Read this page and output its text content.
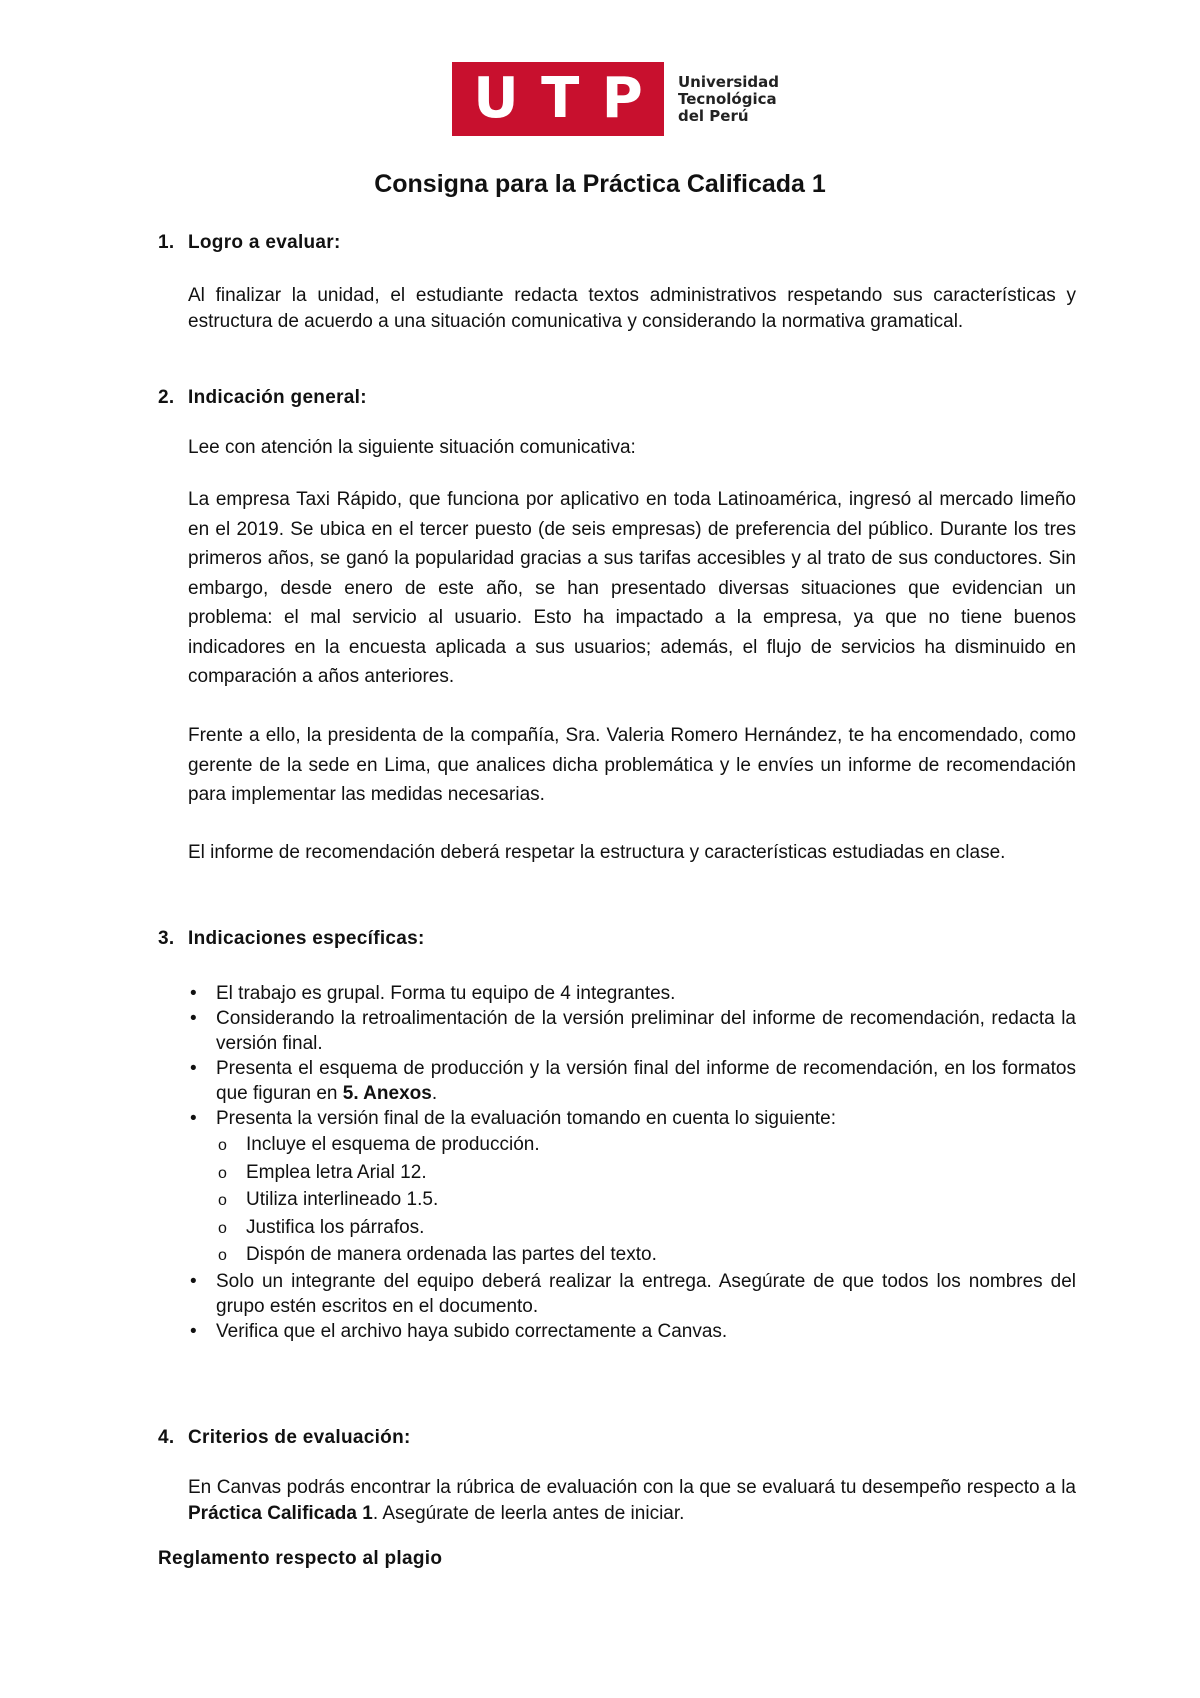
U T P Universidad
Tecnológica
del Perú
Consigna para la Práctica Calificada 1
1. Logro a evaluar:
Al finalizar la unidad, el estudiante redacta textos administrativos respetando sus características y estructura de acuerdo a una situación comunicativa y considerando la normativa gramatical.
2. Indicación general:
Lee con atención la siguiente situación comunicativa:
La empresa Taxi Rápido, que funciona por aplicativo en toda Latinoamérica, ingresó al mercado limeño en el 2019. Se ubica en el tercer puesto (de seis empresas) de preferencia del público. Durante los tres primeros años, se ganó la popularidad gracias a sus tarifas accesibles y al trato de sus conductores. Sin embargo, desde enero de este año, se han presentado diversas situaciones que evidencian un problema: el mal servicio al usuario. Esto ha impactado a la empresa, ya que no tiene buenos indicadores en la encuesta aplicada a sus usuarios; además, el flujo de servicios ha disminuido en comparación a años anteriores.
Frente a ello, la presidenta de la compañía, Sra. Valeria Romero Hernández, te ha encomendado, como gerente de la sede en Lima, que analices dicha problemática y le envíes un informe de recomendación para implementar las medidas necesarias.
El informe de recomendación deberá respetar la estructura y características estudiadas en clase.
3. Indicaciones específicas:
• El trabajo es grupal. Forma tu equipo de 4 integrantes.
• Considerando la retroalimentación de la versión preliminar del informe de recomendación, redacta la versión final.
• Presenta el esquema de producción y la versión final del informe de recomendación, en los formatos que figuran en 5. Anexos.
• Presenta la versión final de la evaluación tomando en cuenta lo siguiente:
o Incluye el esquema de producción.
o Emplea letra Arial 12.
o Utiliza interlineado 1.5.
o Justifica los párrafos.
o Dispón de manera ordenada las partes del texto.
• Solo un integrante del equipo deberá realizar la entrega. Asegúrate de que todos los nombres del grupo estén escritos en el documento.
• Verifica que el archivo haya subido correctamente a Canvas.
4. Criterios de evaluación:
En Canvas podrás encontrar la rúbrica de evaluación con la que se evaluará tu desempeño respecto a la Práctica Calificada 1. Asegúrate de leerla antes de iniciar.
Reglamento respecto al plagio
